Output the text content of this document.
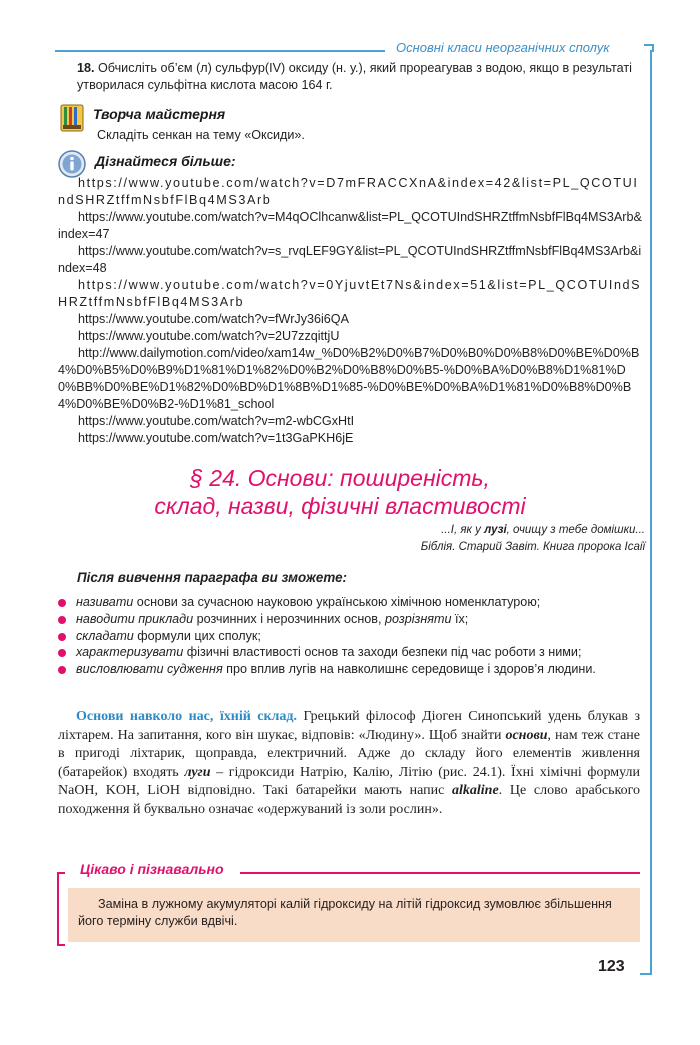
Основні класи неорганічних сполук
18. Обчисліть об’єм (л) сульфур(IV) оксиду (н. у.), який прореагував з водою, якщо в результаті утворилася сульфітна кислота масою 164 г.
Творча майстерня
Складіть сенкан на тему «Оксиди».
Дізнайтеся більше:
https://www.youtube.com/watch?v=D7mFRACCXnA&index=42&list=PL_QCOTUIndSHRZtffmNsbfFlBq4MS3Arb
https://www.youtube.com/watch?v=M4qOClhcanw&list=PL_QCOTUIndSHRZtffmNsbfFlBq4MS3Arb&index=47
https://www.youtube.com/watch?v=s_rvqLEF9GY&list=PL_QCOTUIndSHRZtffmNsbfFlBq4MS3Arb&index=48
https://www.youtube.com/watch?v=0YjuvtEt7Ns&index=51&list=PL_QCOTUIndSHRZtffmNsbfFlBq4MS3Arb
https://www.youtube.com/watch?v=fWrJy36i6QA
https://www.youtube.com/watch?v=2U7zzqittjU
http://www.dailymotion.com/video/xam14w_%D0%B2%D0%B7%D0%B0%D0%B8%D0%BE%D0%B4%D0%B5%D0%B9%D1%81%D1%82%D0%B2%D0%B8%D0%B5-%D0%BA%D0%B8%D1%81%D0%BB%D0%BE%D1%82%D0%BD%D1%8B%D1%85-%D0%BE%D0%BA%D1%81%D0%B8%D0%B4%D0%BE%D0%B2-%D1%81_school
https://www.youtube.com/watch?v=m2-wbCGxHtI
https://www.youtube.com/watch?v=1t3GaPKH6jE
§ 24. Основи: поширеність,
склад, назви, фізичні властивості
...І, як у лузі, очищу з тебе домішки...
Біблія. Старий Завіт. Книга пророка Ісаії
Після вивчення параграфа ви зможете:
називати основи за сучасною науковою українською хімічною номенклатурою;
наводити приклади розчинних і нерозчинних основ, розрізняти їх;
складати формули цих сполук;
характеризувати фізичні властивості основ та заходи безпеки під час роботи з ними;
висловлювати судження про вплив лугів на навколишнє середовище і здоров’я людини.
Основи навколо нас, їхній склад. Грецький філософ Діоген Синопський удень блукав з ліхтарем. На запитання, кого він шукає, відповів: «Людину». Щоб знайти основи, нам теж стане в пригоді ліхтарик, щоправда, електричний. Адже до складу його елементів живлення (батарейок) входять луги – гідроксиди Натрію, Калію, Літію (рис. 24.1). Їхні хімічні формули NaOH, KOH, LiOH відповідно. Такі батарейки мають напис alkaline. Це слово арабського походження й буквально означає «одержуваний із золи рослин».
Цікаво і пізнавально
Заміна в лужному акумуляторі калій гідроксиду на літій гідроксид зумовлює збільшення його терміну служби вдвічі.
123
